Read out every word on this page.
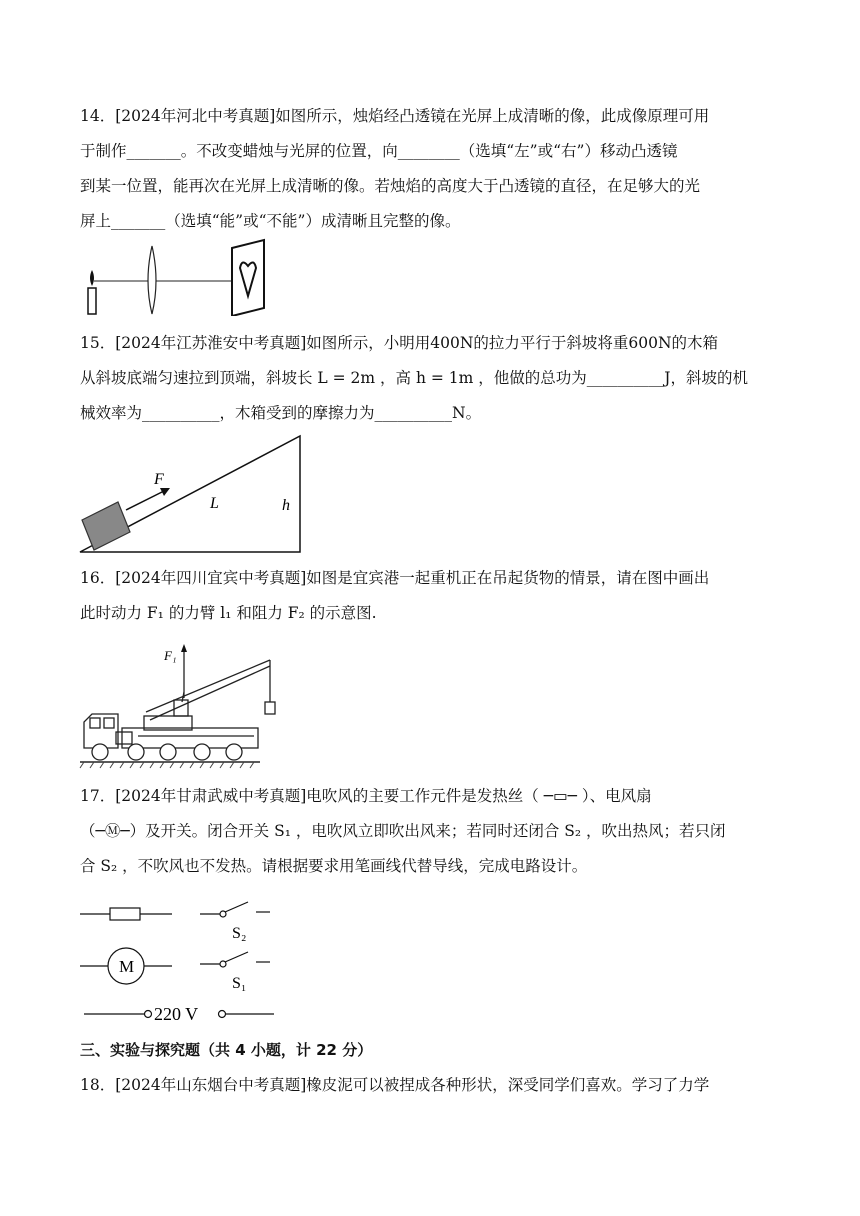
14．[2024年河北中考真题]如图所示，烛焰经凸透镜在光屏上成清晰的像，此成像原理可用
于制作_______。不改变蜡烛与光屏的位置，向________（选填“左”或“右”）移动凸透镜
到某一位置，能再次在光屏上成清晰的像。若烛焰的高度大于凸透镜的直径，在足够大的光
屏上_______（选填“能”或“不能”）成清晰且完整的像。
15．[2024年江苏淮安中考真题]如图所示，小明用400N的拉力平行于斜坡将重600N的木箱
从斜坡底端匀速拉到顶端，斜坡长 L = 2m ，高 h = 1m ，他做的总功为__________J，斜坡的机
械效率为__________，木箱受到的摩擦力为__________N。
F
L	h
16．[2024年四川宜宾中考真题]如图是宜宾港一起重机正在吊起货物的情景，请在图中画出
此时动力 F₁ 的力臂 l₁ 和阻力 F₂ 的示意图.
F₁
17．[2024年甘肃武威中考真题]电吹风的主要工作元件是发热丝（ ─▭─ ）、电风扇
（─Ⓜ─）及开关。闭合开关 S₁ ，电吹风立即吹出风来；若同时还闭合 S₂ ，吹出热风；若只闭
合 S₂ ，不吹风也不发热。请根据要求用笔画线代替导线，完成电路设计。
S₂
M
S₁
220 V
三、实验与探究题（共 4 小题，计 22 分）
18．[2024年山东烟台中考真题]橡皮泥可以被捏成各种形状，深受同学们喜欢。学习了力学
